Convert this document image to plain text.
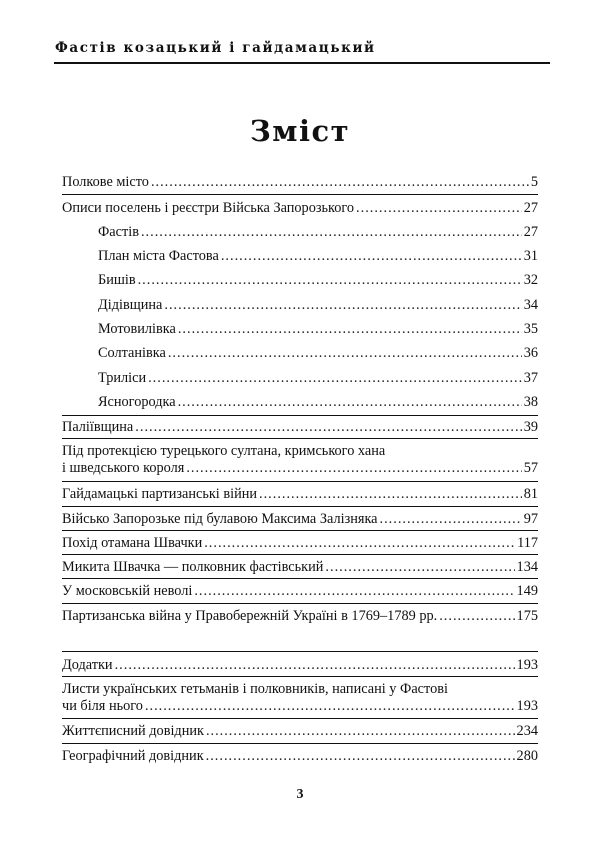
Фастів козацький і гайдамацький
Зміст
Полкове місто .....	5
Описи поселень і реєстри Війська Запорозького .....	27
Фастів .....	27
План міста Фастова .....	31
Бишів .....	32
Дідівщина .....	34
Мотовилівка .....	35
Солтанівка .....	36
Триліси .....	37
Ясногородка .....	38
Паліївщина .....	39
Під протекцією турецького султана, кримського хана
і шведського короля .....	57
Гайдамацькі партизанські війни .....	81
Військо Запорозьке під булавою Максима Залізняка .....	97
Похід отамана Швачки .....	117
Микита Швачка — полковник фастівський .....	134
У московській неволі .....	149
Партизанська війна у Правобережній Україні в 1769–1789 рр. .....	175
Додатки .....	193
Листи українських гетьманів і полковників, написані у Фастові
чи біля нього .....	193
Життєписний довідник .....	234
Географічний довідник .....	280
3
